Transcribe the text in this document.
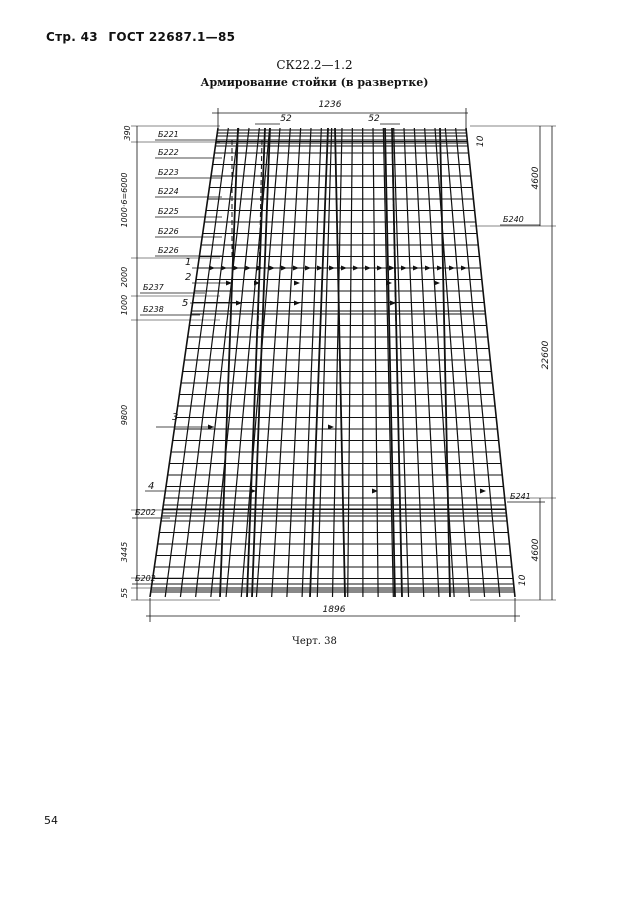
Стр. 43 ГОСТ 22687.1—85
СК22.2—1.2
Армирование стойки (в развертке)
1236
52	52
10
4600
22600
4600
10
390
1000·6=6000
2000
1000
9800
3445
55
1896
Б221
Б222
Б223
Б224
Б225
Б226
Б226
Б237
Б238
Б240
Б241
Б202
Б202
1
2
5
3
4
Черт. 38
54
